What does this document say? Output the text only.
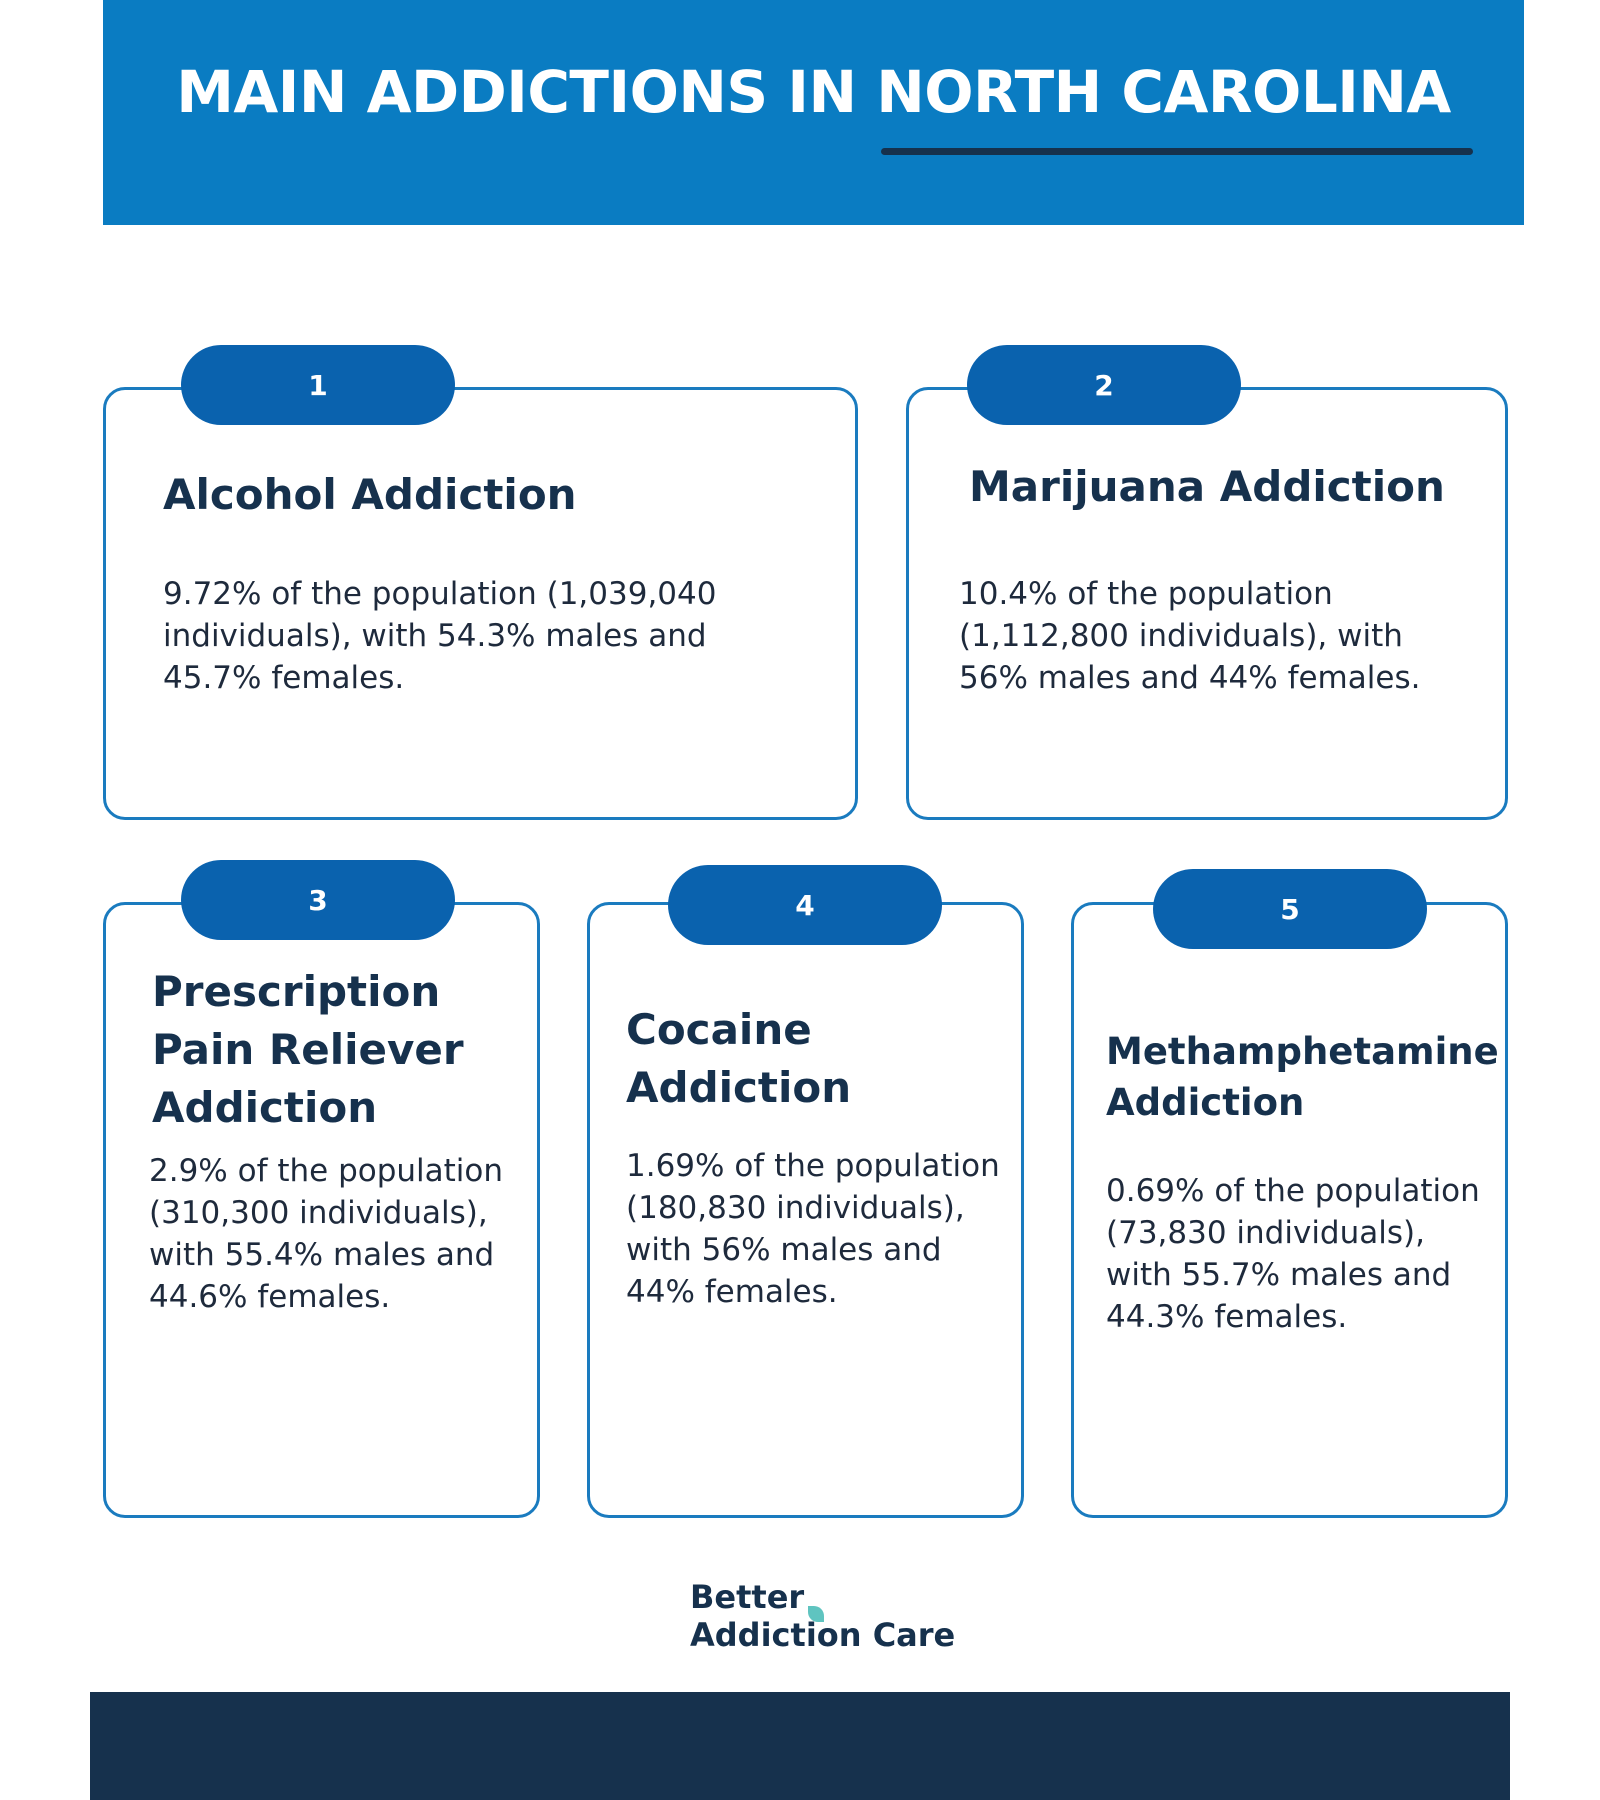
MAIN ADDICTIONS IN NORTH CAROLINA
Alcohol Addiction
9.72% of the population (1,039,040 individuals), with 54.3% males and 45.7% females.
1
Marijuana Addiction
10.4% of the population (1,112,800 individuals), with 56% males and 44% females.
2
Prescription Pain Reliever Addiction
2.9% of the population (310,300 individuals), with 55.4% males and 44.6% females.
3
Cocaine Addiction
1.69% of the population (180,830 individuals), with 56% males and 44% females.
4
Methamphetamine Addiction
0.69% of the population (73,830 individuals), with 55.7% males and 44.3% females.
5
Better
Addiction Care
